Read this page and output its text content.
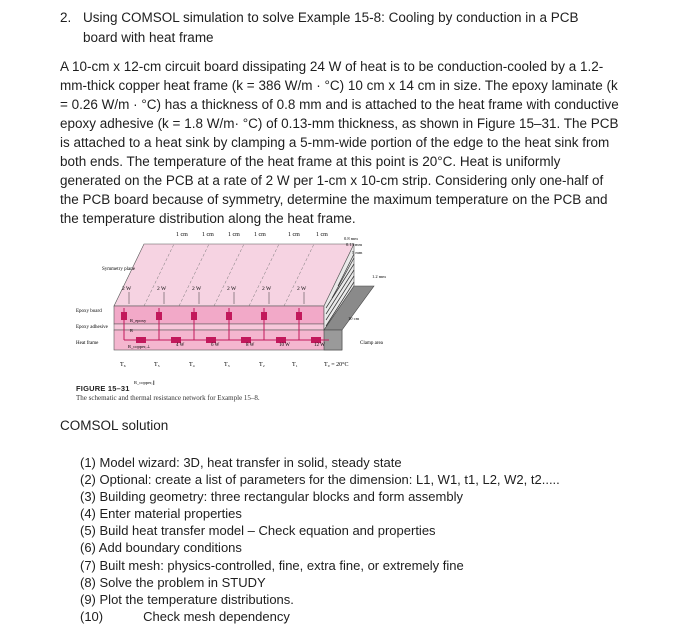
2. Using COMSOL simulation to solve Example 15-8: Cooling by conduction in a PCB board with heat frame
A 10-cm x 12-cm circuit board dissipating 24 W of heat is to be conduction-cooled by a 1.2-mm-thick copper heat frame (k = 386 W/m · °C) 10 cm x 14 cm in size. The epoxy laminate (k = 0.26 W/m · °C) has a thickness of 0.8 mm and is attached to the heat frame with conductive epoxy adhesive (k = 1.8 W/m· °C) of 0.13-mm thickness, as shown in Figure 15–31. The PCB is attached to a heat sink by clamping a 5-mm-wide portion of the edge to the heat sink from both ends. The temperature of the heat frame at this point is 20°C. Heat is uniformly generated on the PCB at a rate of 2 W per 1-cm x 10-cm strip. Considering only one-half of the PCB board because of symmetry, determine the maximum temperature on the PCB and the temperature distribution along the heat frame.
1 cm 1 cm 1 cm 1 cm	1 cm	1 cm
0.8 mm
0.13 mm
5 mm
1.2 mm
10 cm
Symmetry plane
2 W	2 W	2 W	2 W	2 W	2 W
Epoxy board
Epoxy adhesive
Heat frame
R_epoxy
R
R_copper,⊥
R_copper,∥
4 W	6 W	8 W	10 W	12 W
T₆	T₅	T₄	T₃	T₂	T₁	T₀ = 20°C
Clamp area
FIGURE 15–31
The schematic and thermal resistance network for Example 15–8.
COMSOL solution
(1) Model wizard: 3D, heat transfer in solid, steady state
(2) Optional: create a list of parameters for the dimension: L1, W1, t1, L2, W2, t2.....
(3) Building geometry: three rectangular blocks and form assembly
(4) Enter material properties
(5) Build heat transfer model – Check equation and properties
(6) Add boundary conditions
(7) Built mesh: physics-controlled, fine, extra fine, or extremely fine
(8) Solve the problem in STUDY
(9) Plot the temperature distributions.
(10)	Check mesh dependency
